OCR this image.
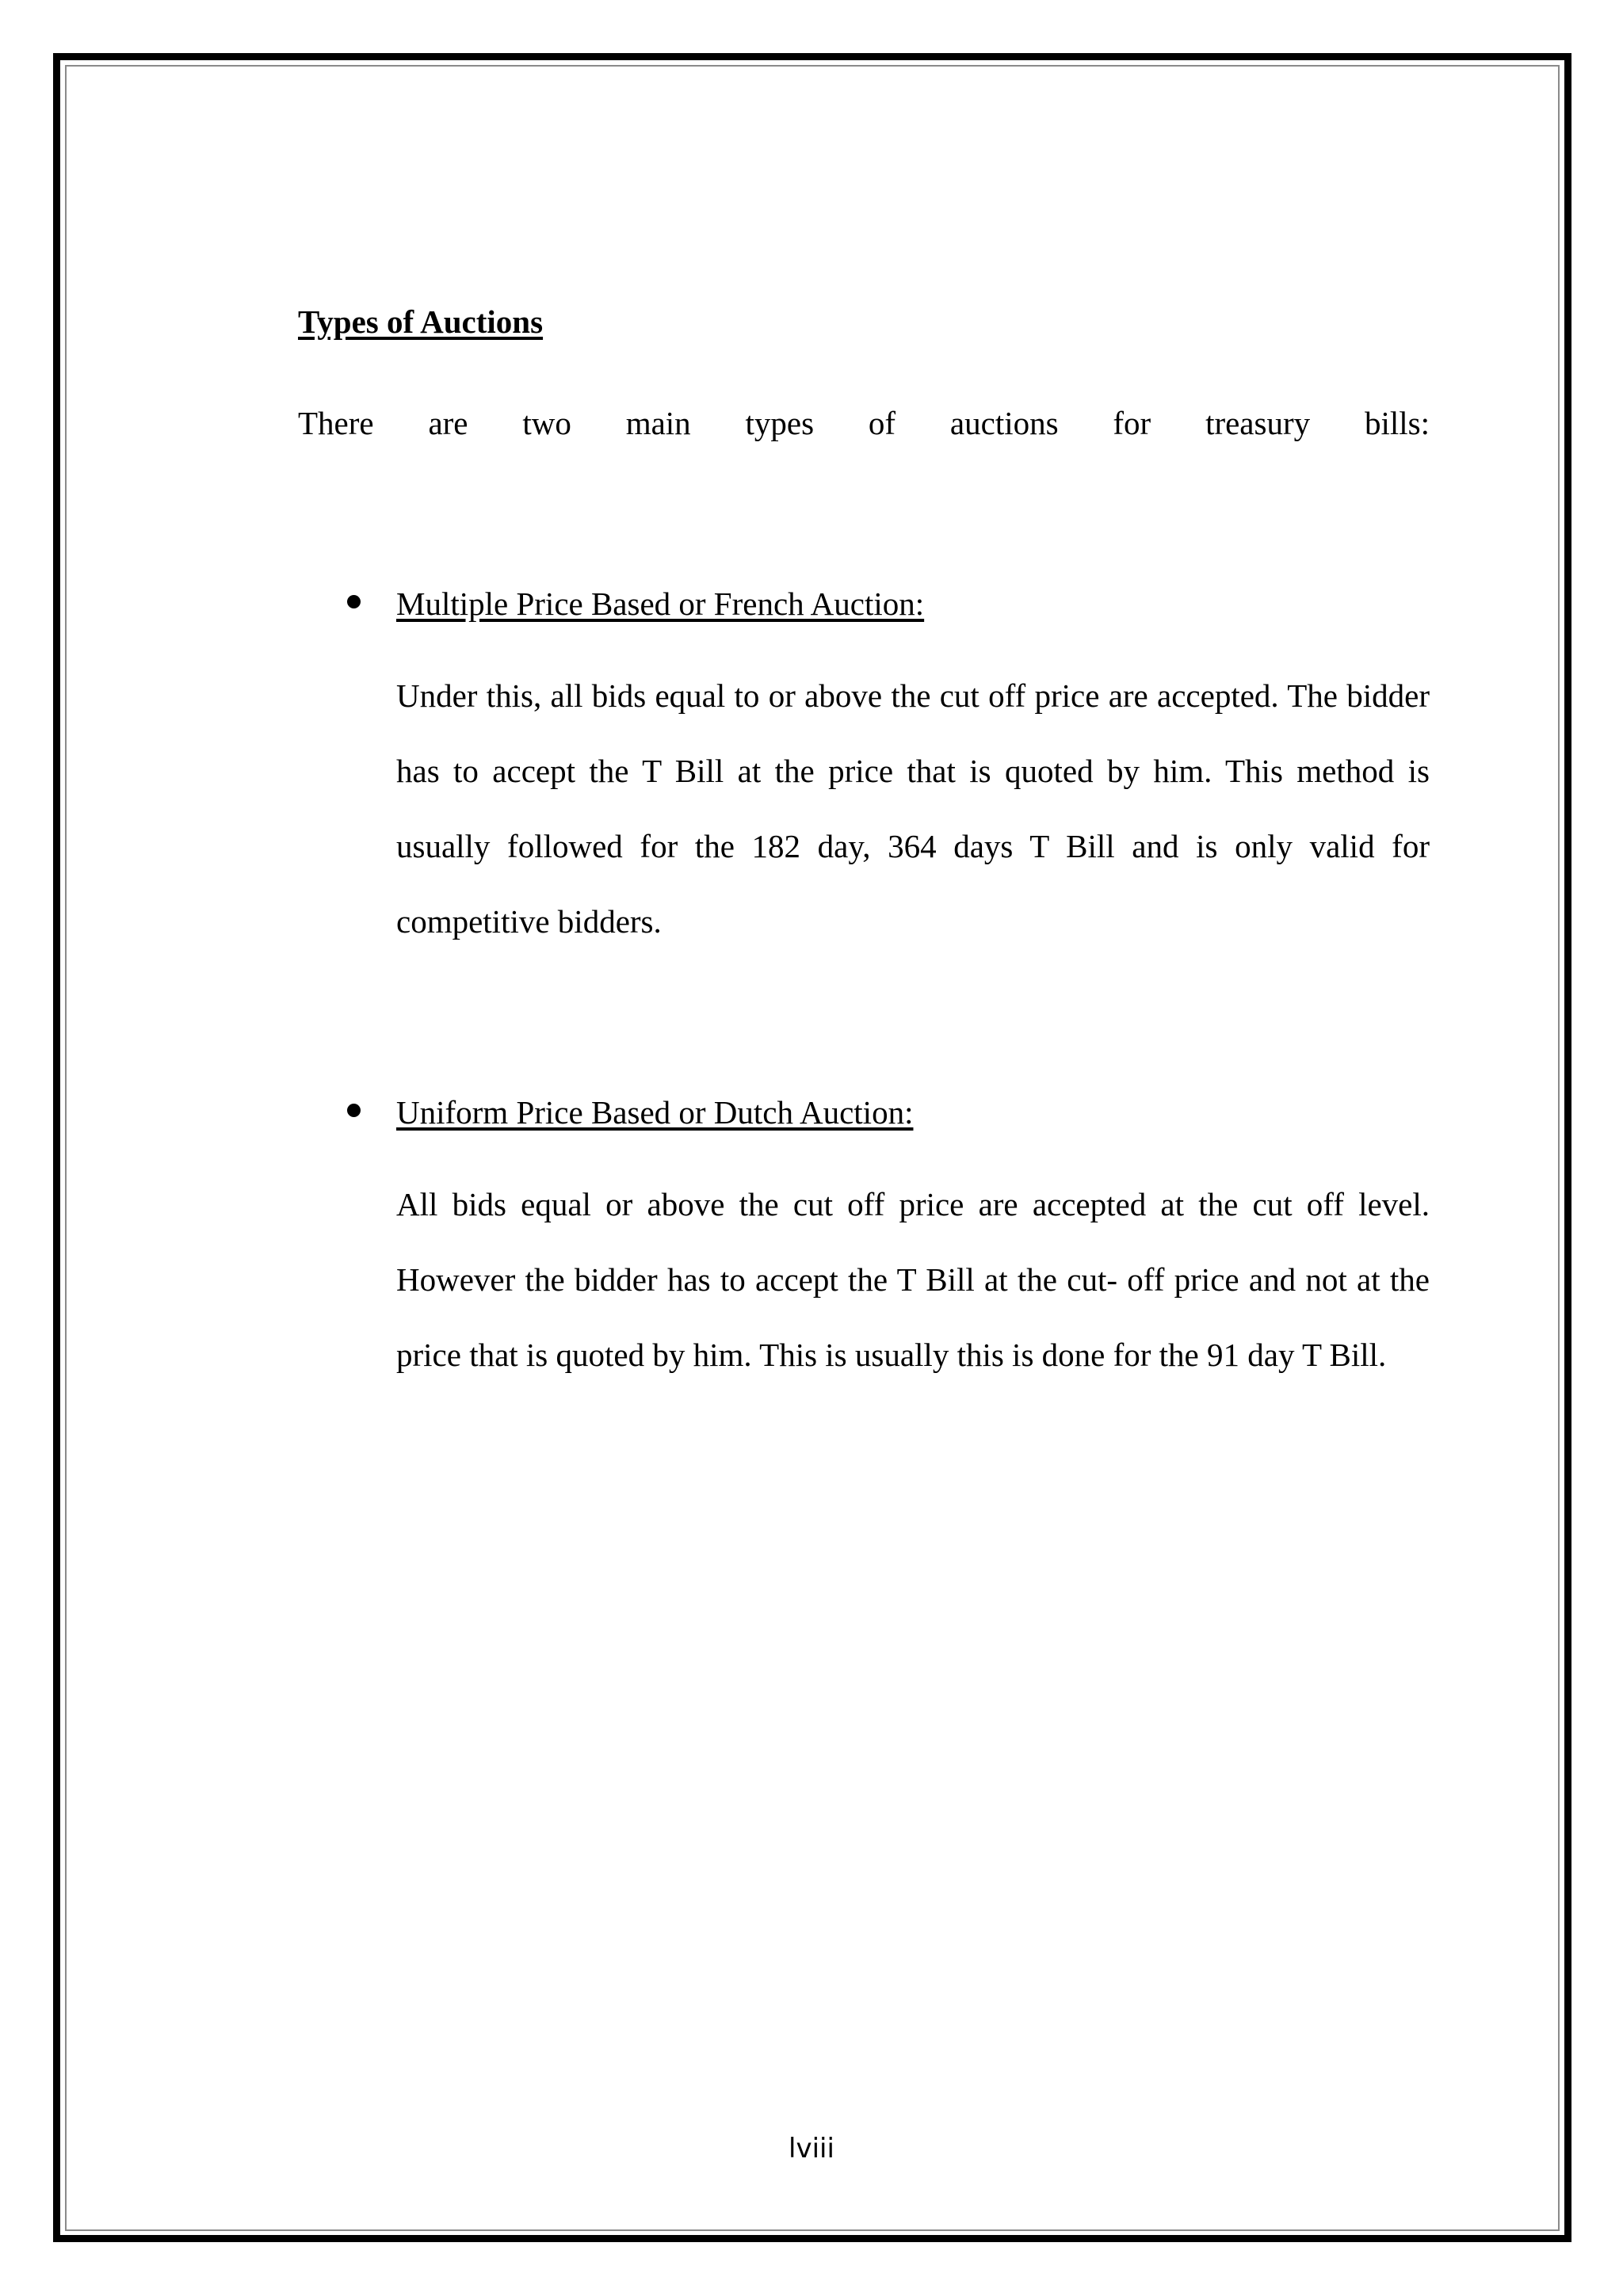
Types of Auctions

There are two main types of auctions for treasury bills:

Multiple Price Based or French Auction:

Under this, all bids equal to or above the cut off price are accepted. The bidder has to accept the T Bill at the price that is quoted by him. This method is usually followed for the 182 day, 364 days T Bill and is only valid for competitive bidders.

Uniform Price Based or Dutch Auction:

All bids equal or above the cut off price are accepted at the cut off level. However the bidder has to accept the T Bill at the cut- off price and not at the price that is quoted by him. This is usually this is done for the 91 day T Bill.

lviii
